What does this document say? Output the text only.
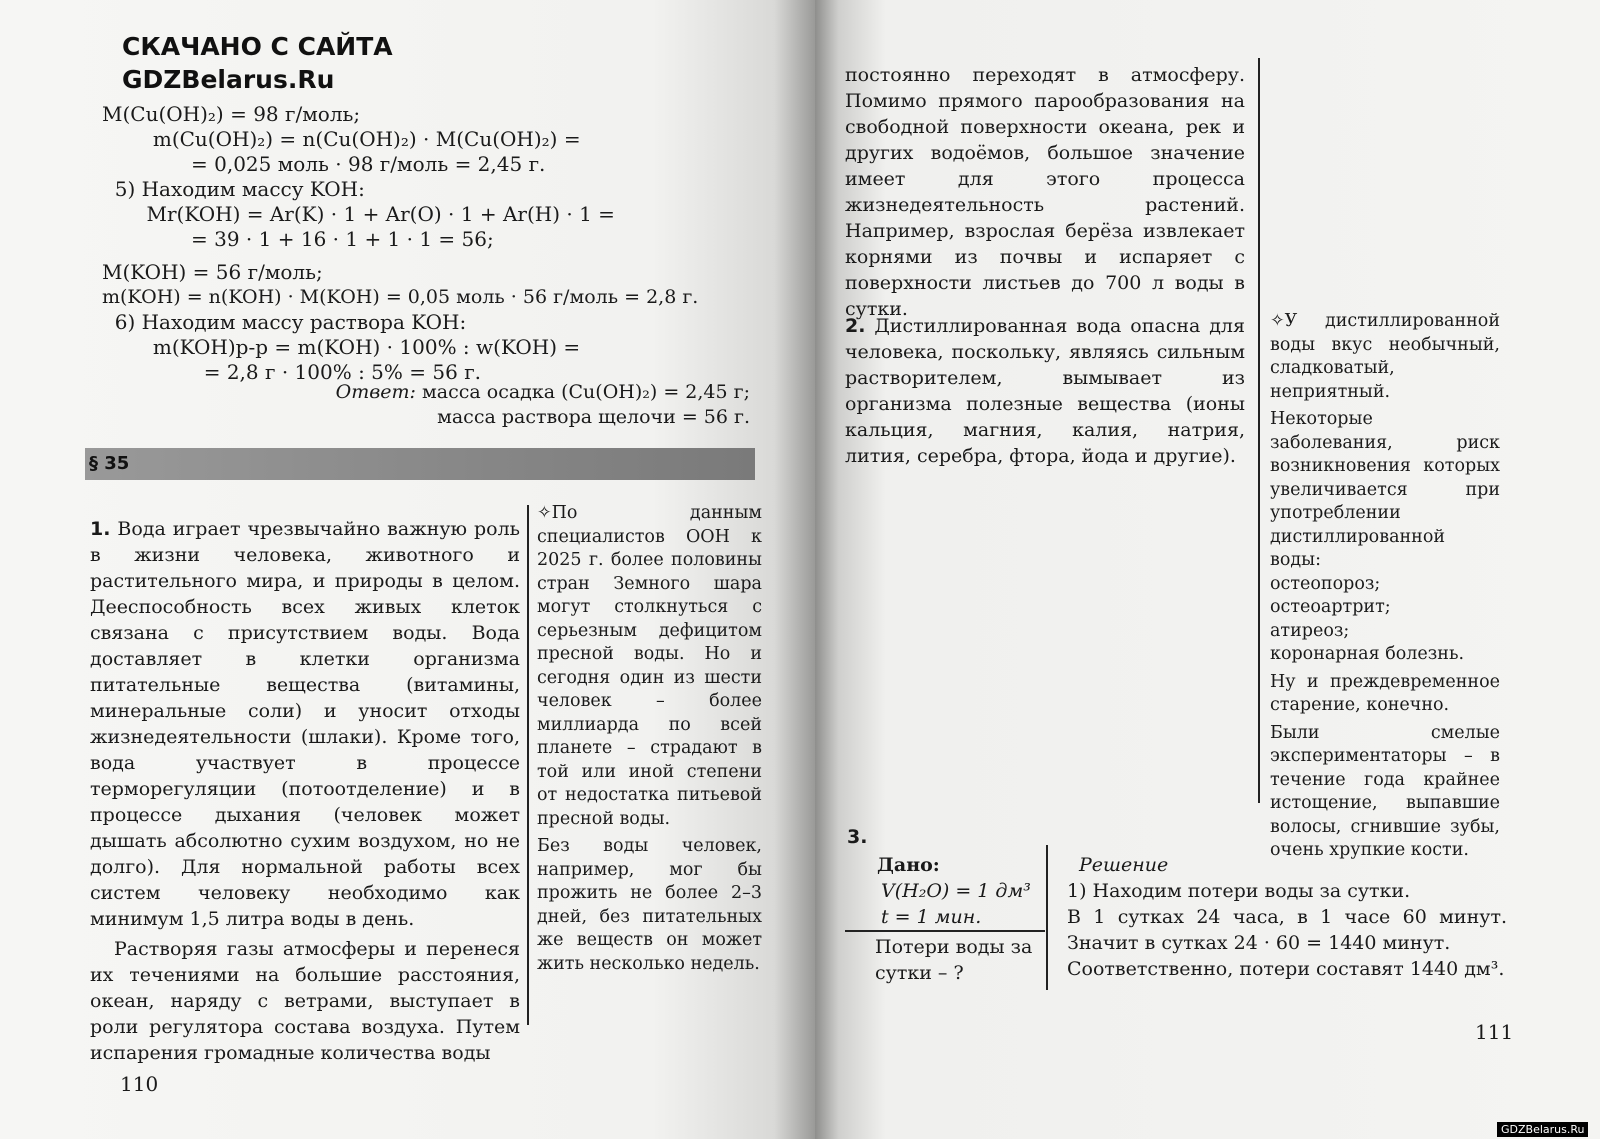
СКАЧАНО С САЙТА
GDZBelarus.Ru
M(Cu(OH)₂) = 98 г/моль;
m(Cu(OH)₂) = n(Cu(OH)₂) · M(Cu(OH)₂) =
= 0,025 моль · 98 г/моль = 2,45 г.
5) Находим массу KOH:
Mr(KOH) = Ar(K) · 1 + Ar(O) · 1 + Ar(H) · 1 =
= 39 · 1 + 16 · 1 + 1 · 1 = 56;
M(KOH) = 56 г/моль;
m(KOH) = n(KOH) · M(KOH) = 0,05 моль · 56 г/моль = 2,8 г.
6) Находим массу раствора KOH:
m(KOH)р-р = m(KOH) · 100% : w(KOH) =
= 2,8 г · 100% : 5% = 56 г.
Ответ: масса осадка (Cu(OH)₂) = 2,45 г;
масса раствора щелочи = 56 г.
§ 35

1. Вода играет чрезвычайно важную роль в жизни человека, животного и растительного мира, и природы в целом. Дееспособность всех живых клеток связана с присутствием воды. Вода доставляет в клетки организма питательные вещества (витамины, минеральные соли) и уносит отходы жизнедеятельности (шлаки). Кроме того, вода участвует в процессе терморегуляции (потоотделение) и в процессе дыхания (человек может дышать абсолютно сухим воздухом, но не долго). Для нормальной работы всех систем человеку необходимо как минимум 1,5 литра воды в день.

Растворяя газы атмосферы и перенеся их течениями на большие расстояния, океан, наряду с ветрами, выступает в роли регулятора состава воздуха. Путем испарения громадные количества воды

✧По данным специалистов ООН к 2025 г. более половины стран Земного шара могут столкнуться с серьезным дефицитом пресной воды. Но и сегодня один из шести человек – более миллиарда по всей планете – страдают в той или иной степени от недостатка питьевой пресной воды.

Без воды человек, например, мог бы прожить не более 2–3 дней, без питательных же веществ он может жить несколько недель.

110
постоянно переходят в атмосферу. Помимо прямого парообразования на свободной поверхности океана, рек и других водоёмов, большое значение имеет для этого процесса жизнедеятельность растений. Например, взрослая берёза извлекает корнями из почвы и испаряет с поверхности листьев до 700 л воды в сутки.
2. Дистиллированная вода опасна для человека, поскольку, являясь сильным растворителем, вымывает из организма полезные вещества (ионы кальция, магния, калия, натрия, лития, серебра, фтора, йода и другие).

✧У дистиллированной воды вкус необычный, сладковатый, неприятный.

Некоторые заболевания, риск возникновения которых увеличивается при употреблении дистиллированной воды:

остеопороз;
остеоартрит;
атиреоз;
коронарная болезнь.

Ну и преждевременное старение, конечно.

Были смелые экспериментаторы – в течение года крайнее истощение, выпавшие волосы, сгнившие зубы, очень хрупкие кости.

3.
Дано:
V(H₂O) = 1 дм³
t = 1 мин.
Потери воды за сутки – ?
Решение
1) Находим потери воды за сутки.
В 1 сутках 24 часа, в 1 часе 60 минут. Значит в сутках 24 · 60 = 1440 минут.
Соответственно, потери составят 1440 дм³.
111
GDZBelarus.Ru
